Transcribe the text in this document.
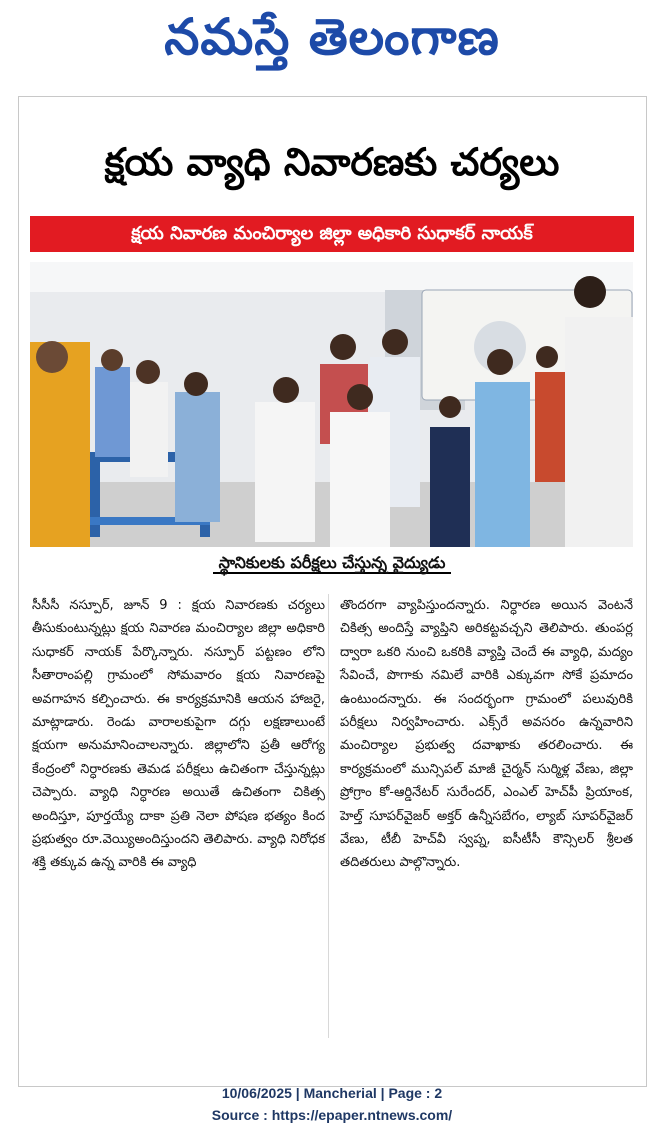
నమస్తే తెలంగాణ
క్షయ వ్యాధి నివారణకు చర్యలు
క్షయ నివారణ మంచిర్యాల జిల్లా అధికారి సుధాకర్ నాయక్
స్థానికులకు పరీక్షలు చేస్తున్న వైద్యుడు
సీసీసీ నస్పూర్, జూన్ 9 : క్షయ నివారణకు చర్యలు తీసుకుంటున్నట్లు క్షయ నివారణ మంచిర్యాల జిల్లా అధికారి సుధాకర్ నాయక్ పేర్కొన్నారు. నస్పూర్ పట్టణం లోని సీతారాంపల్లి గ్రామంలో సోమవారం క్షయ నివారణపై అవగాహన కల్పించారు. ఈ కార్యక్రమానికి ఆయన హాజరై, మాట్లాడారు. రెండు వారాలకుపైగా దగ్గు లక్షణాలుంటే క్షయగా అనుమానించాలన్నారు. జిల్లాలోని ప్రతీ ఆరోగ్య కేంద్రంలో నిర్ధారణకు తెమడ పరీక్షలు ఉచితంగా చేస్తున్నట్లు చెప్పారు. వ్యాధి నిర్ధారణ అయితే ఉచితంగా చికిత్స అందిస్తూ, పూర్తయ్యే దాకా ప్రతి నెలా పోషణ భత్యం కింద ప్రభుత్వం రూ.వెయ్యిఅందిస్తుందని తెలిపారు. వ్యాధి నిరోధక శక్తి తక్కువ ఉన్న వారికి ఈ వ్యాధి
తొందరగా వ్యాపిస్తుందన్నారు. నిర్ధారణ అయిన వెంటనే చికిత్స అందిస్తే వ్యాప్తిని అరికట్టవచ్చని తెలిపారు. తుంపర్ల ద్వారా ఒకరి నుంచి ఒకరికి వ్యాప్తి చెందే ఈ వ్యాధి, మద్యం సేవించే, పొగాకు నమిలే వారికి ఎక్కువగా సోకే ప్రమాదం ఉంటుందన్నారు. ఈ సందర్భంగా గ్రామంలో పలువురికి పరీక్షలు నిర్వహించారు. ఎక్స్‌రే అవసరం ఉన్నవారిని మంచిర్యాల ప్రభుత్వ దవాఖాకు తరలించారు. ఈ కార్యక్రమంలో మున్సిపల్ మాజీ చైర్మన్ సుర్మిళ్ల వేణు, జిల్లా ప్రోగ్రాం కో-ఆర్డినేటర్ సురేందర్, ఎంఎల్ హెచ్‌పీ ప్రియాంక, హెల్త్ సూపర్‌వైజర్ అక్తర్ ఉన్నీసబేగం, ల్యాబ్ సూపర్‌వైజర్ వేణు, టీబీ హెచ్‌వీ స్వప్న, ఐసీటీసీ కౌన్సిలర్ శ్రీలత తదితరులు పాల్గొన్నారు.
10/06/2025 | Mancherial | Page : 2
Source : https://epaper.ntnews.com/
